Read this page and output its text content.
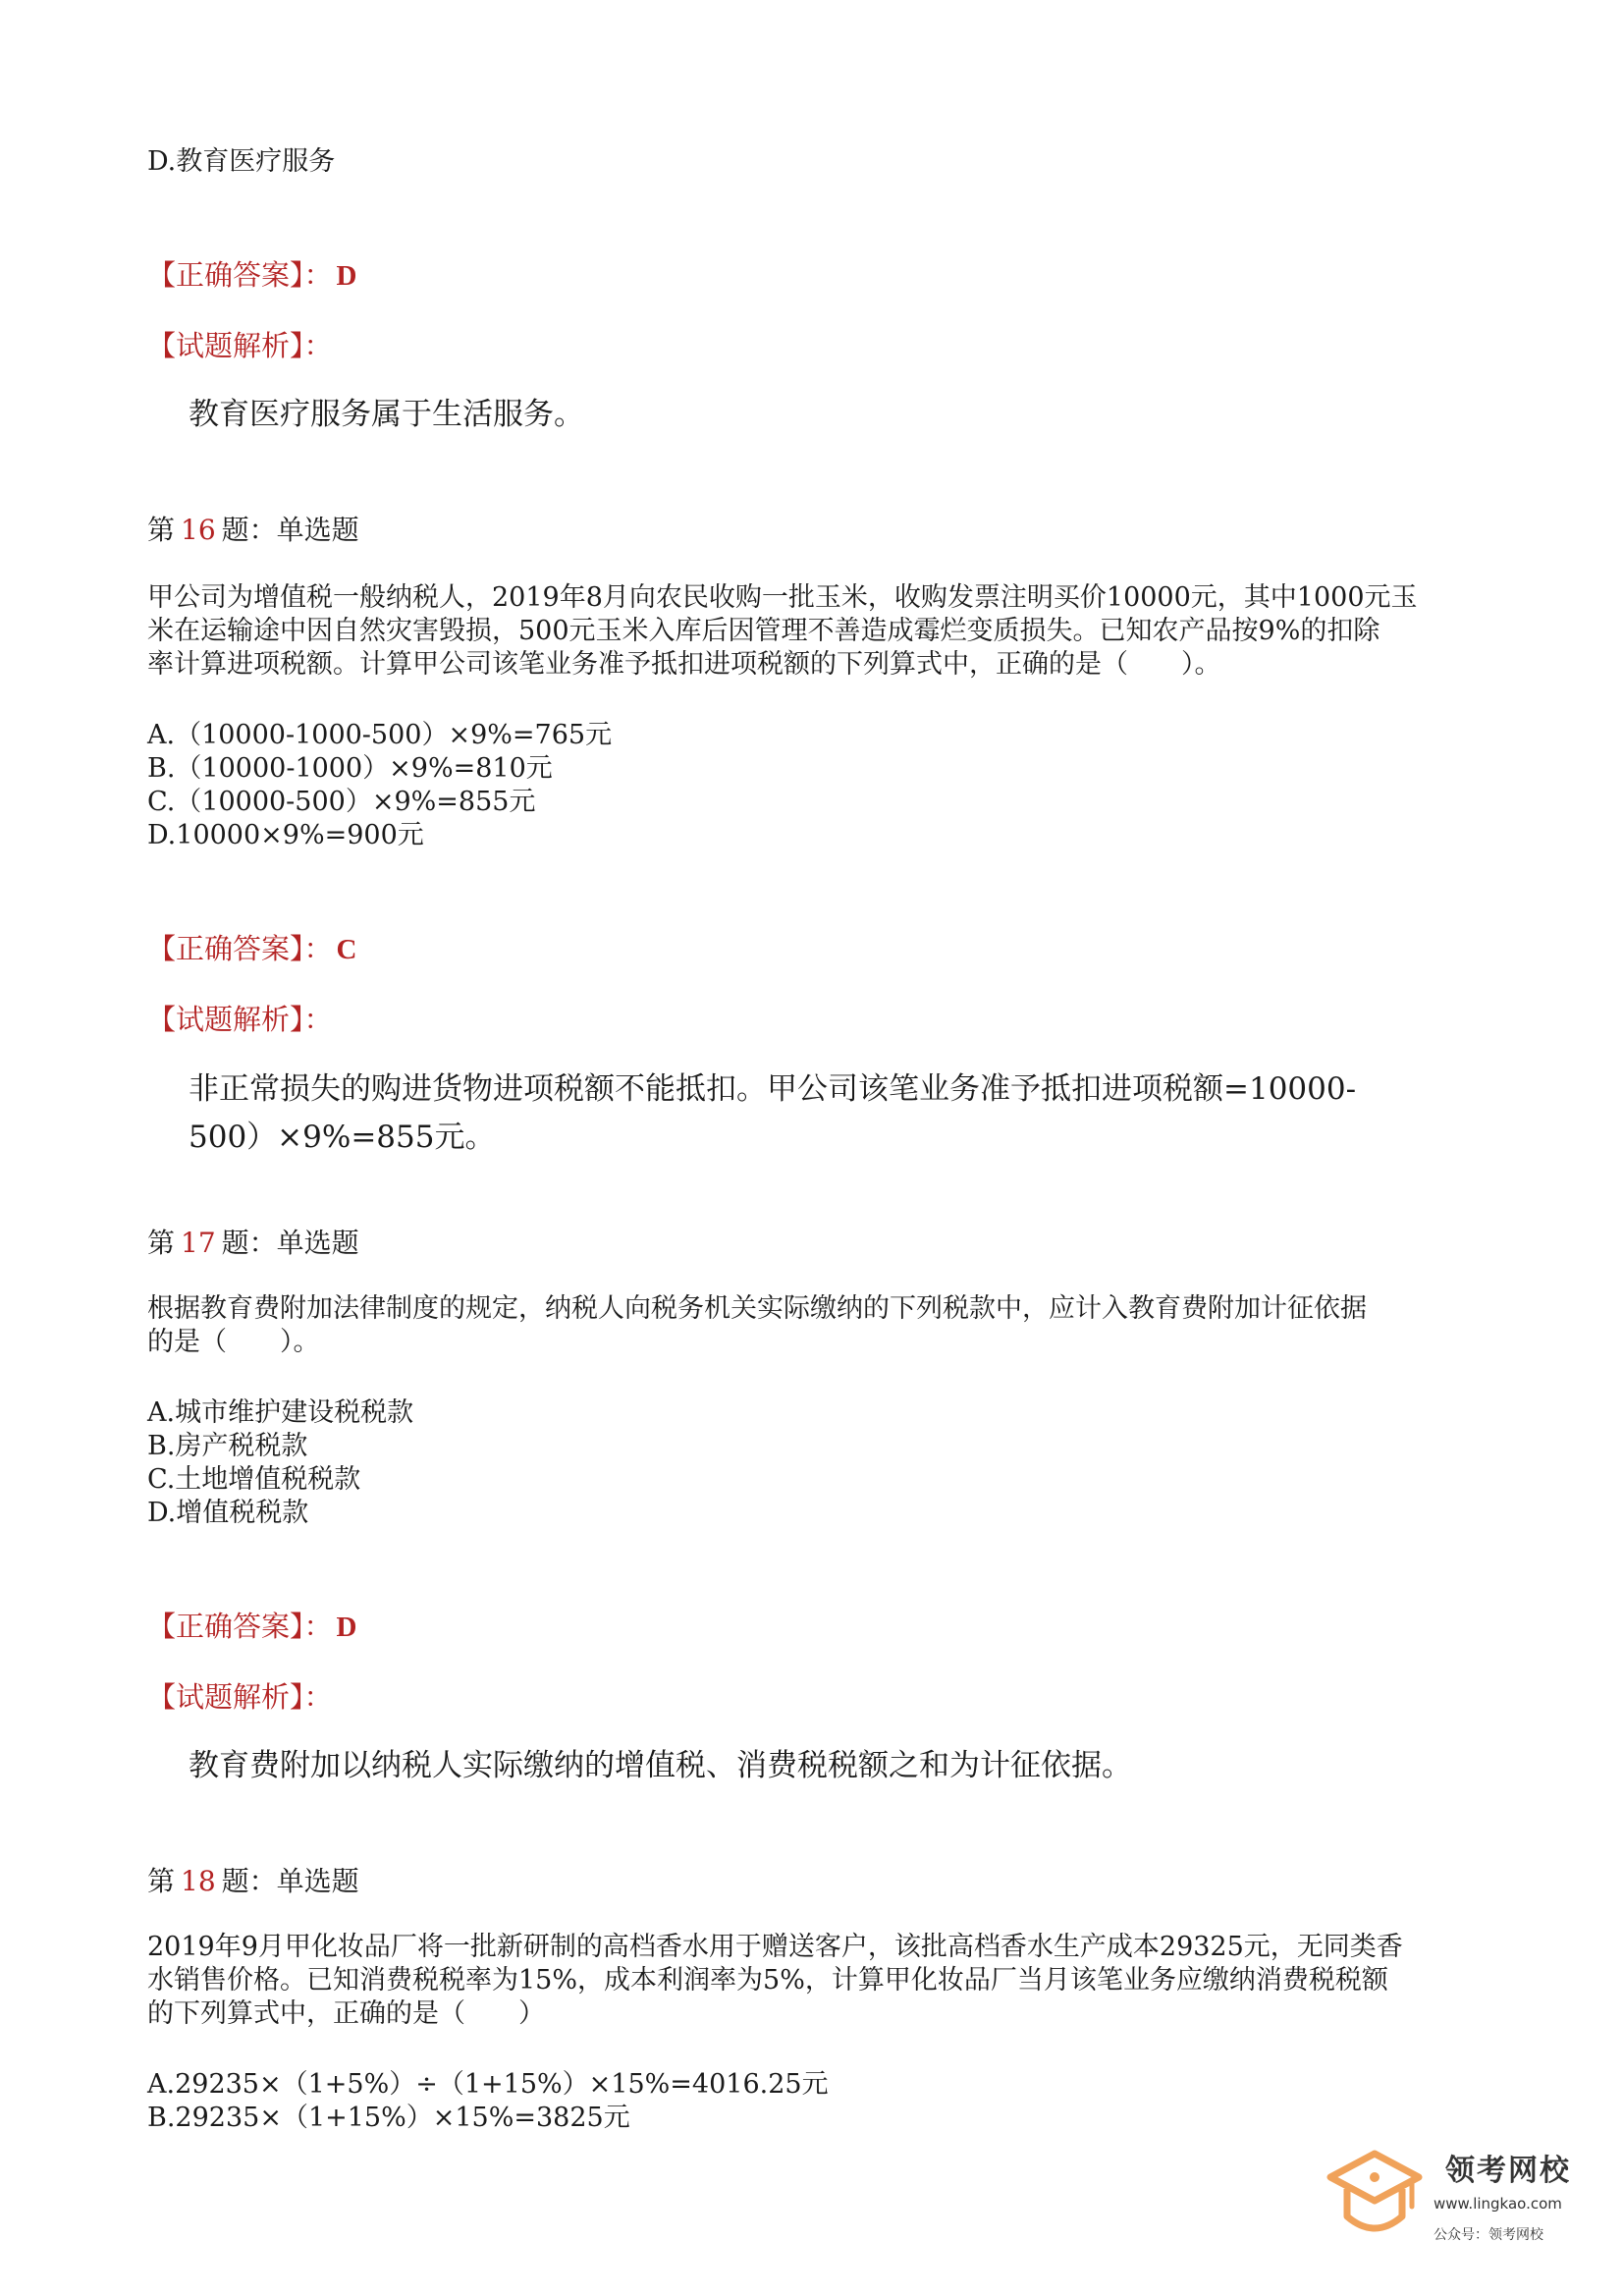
D.教育医疗服务
【正确答案】： D
【试题解析】：
教育医疗服务属于生活服务。
第 16 题：单选题
甲公司为增值税一般纳税人，2019年8月向农民收购一批玉米，收购发票注明买价10000元，其中1000元玉
米在运输途中因自然灾害毁损，500元玉米入库后因管理不善造成霉烂变质损失。已知农产品按9%的扣除
率计算进项税额。计算甲公司该笔业务准予抵扣进项税额的下列算式中，正确的是（　　）。
A.（10000-1000-500）×9%=765元
B.（10000-1000）×9%=810元
C.（10000-500）×9%=855元
D.10000×9%=900元
【正确答案】： C
【试题解析】：
非正常损失的购进货物进项税额不能抵扣。甲公司该笔业务准予抵扣进项税额=10000-
500）×9%=855元。
第 17 题：单选题
根据教育费附加法律制度的规定，纳税人向税务机关实际缴纳的下列税款中，应计入教育费附加计征依据
的是（　　）。
A.城市维护建设税税款
B.房产税税款
C.土地增值税税款
D.增值税税款
【正确答案】： D
【试题解析】：
教育费附加以纳税人实际缴纳的增值税、消费税税额之和为计征依据。
第 18 题：单选题
2019年9月甲化妆品厂将一批新研制的高档香水用于赠送客户，该批高档香水生产成本29325元，无同类香
水销售价格。已知消费税税率为15%，成本利润率为5%，计算甲化妆品厂当月该笔业务应缴纳消费税税额
的下列算式中，正确的是（　　）
A.29235×（1+5%）÷（1+15%）×15%=4016.25元
B.29235×（1+15%）×15%=3825元
领考网校
www.lingkao.com
公众号：领考网校
